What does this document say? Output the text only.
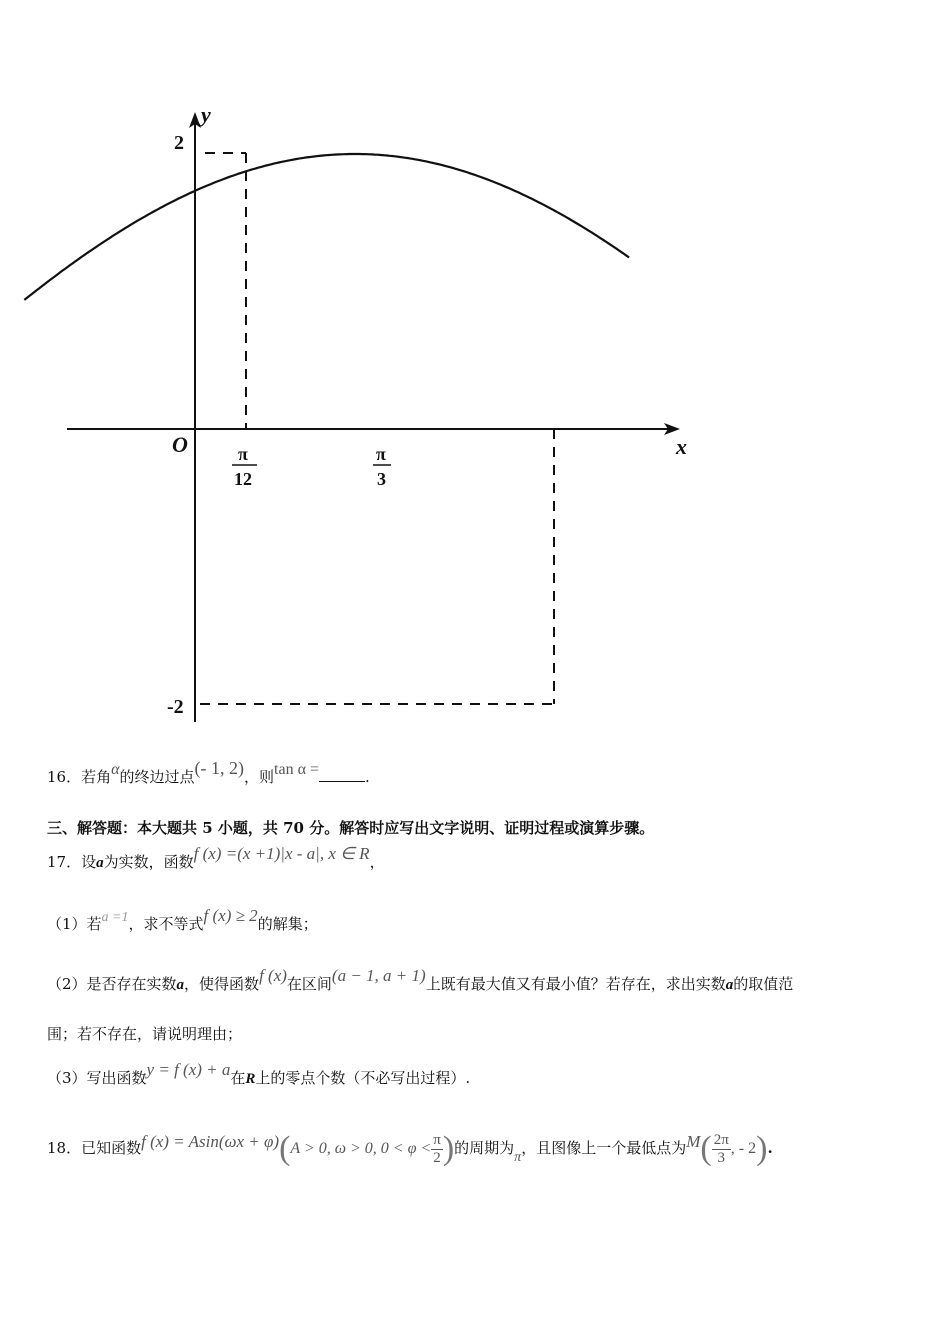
y
x
O
2
-2
π
12
π
3
16．若角α的终边过点(- 1, 2)，则tan α =	.
三、解答题：本大题共 5 小题，共 70 分。解答时应写出文字说明、证明过程或演算步骤。
17．设a为实数，函数f (x) =(x +1)|x - a|, x ∈ R，
（1）若a =1，求不等式f (x) ≥ 2的解集；
（2）是否存在实数a，使得函数f (x)在区间(a − 1, a + 1)上既有最大值又有最小值？若存在，求出实数a的取值范
围；若不存在，请说明理由；
（3）写出函数y = f (x) + a在R上的零点个数（不必写出过程）.
18．已知函数f (x) = Asin(ωx + φ)(A > 0, ω > 0, $0 < \varphi < \frac{\pi}{2}$ )的周期为π，且图像上一个最低点为$M( \frac{2\pi}{3}$ , - 2).
